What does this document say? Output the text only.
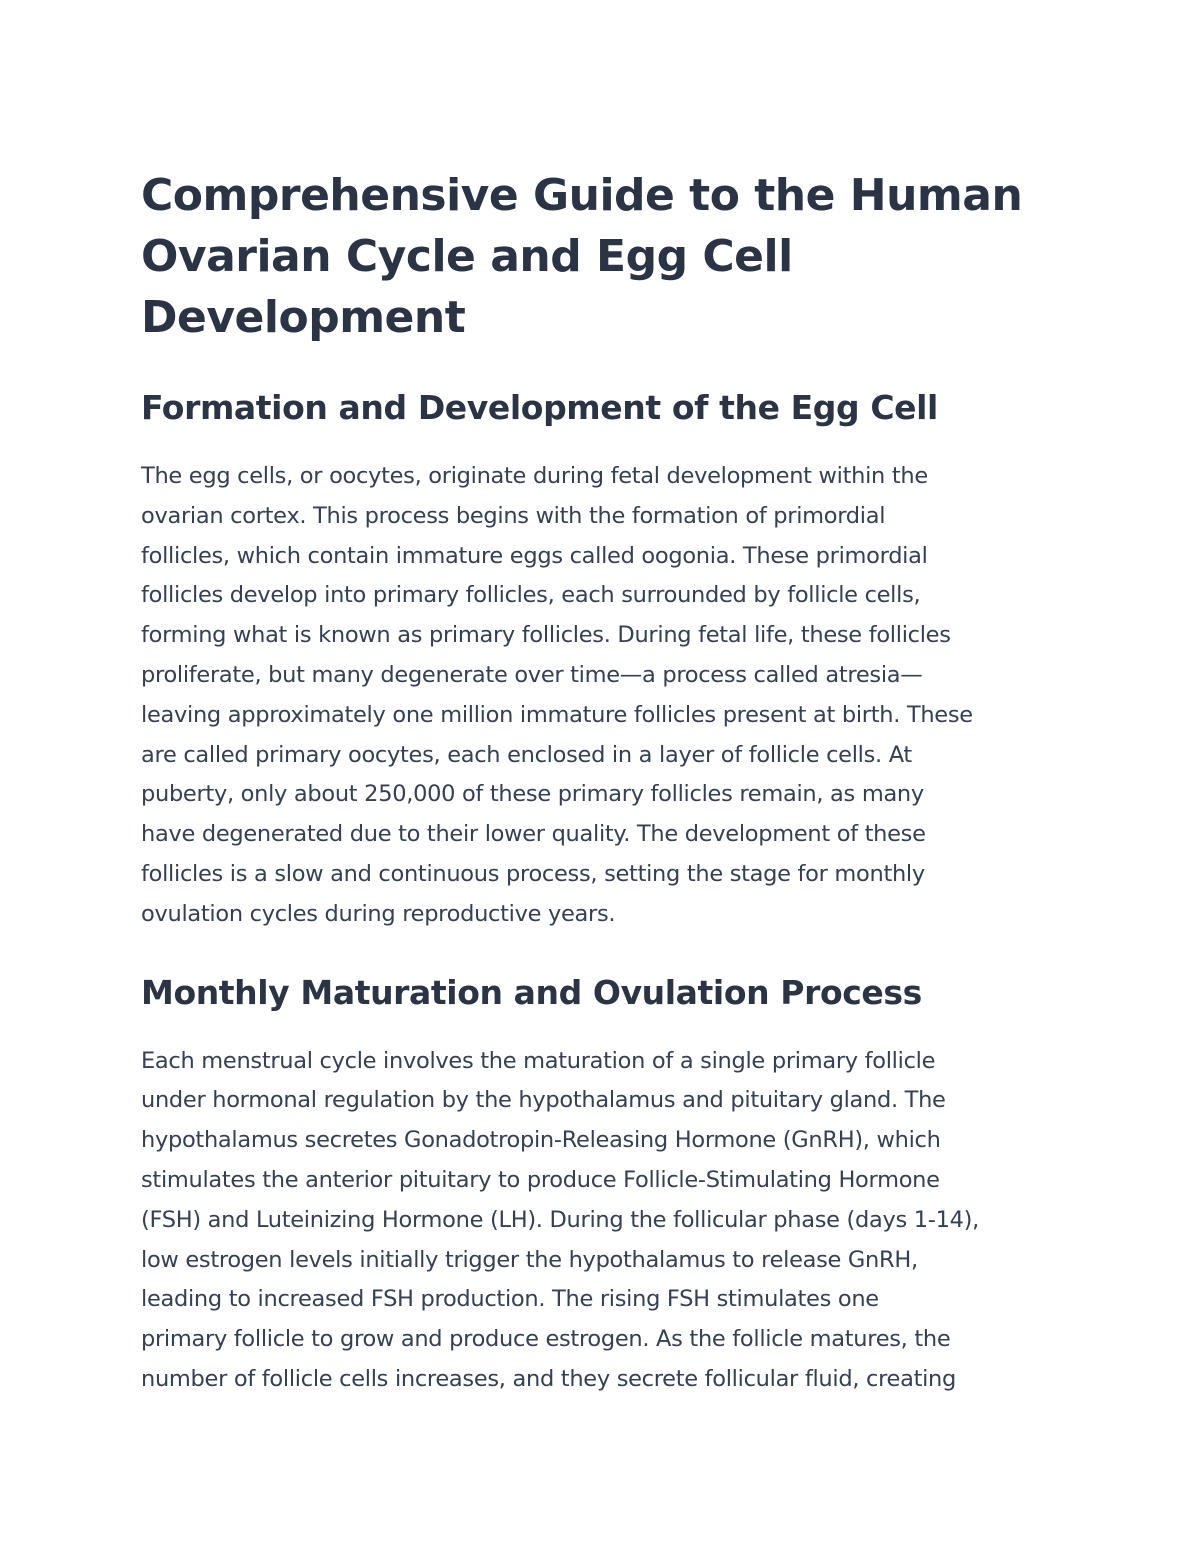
Comprehensive Guide to the Human
Ovarian Cycle and Egg Cell
Development
Formation and Development of the Egg Cell

The egg cells, or oocytes, originate during fetal development within the
ovarian cortex. This process begins with the formation of primordial
follicles, which contain immature eggs called oogonia. These primordial
follicles develop into primary follicles, each surrounded by follicle cells,
forming what is known as primary follicles. During fetal life, these follicles
proliferate, but many degenerate over time—a process called atresia—
leaving approximately one million immature follicles present at birth. These
are called primary oocytes, each enclosed in a layer of follicle cells. At
puberty, only about 250,000 of these primary follicles remain, as many
have degenerated due to their lower quality. The development of these
follicles is a slow and continuous process, setting the stage for monthly
ovulation cycles during reproductive years.

Monthly Maturation and Ovulation Process

Each menstrual cycle involves the maturation of a single primary follicle
under hormonal regulation by the hypothalamus and pituitary gland. The
hypothalamus secretes Gonadotropin-Releasing Hormone (GnRH), which
stimulates the anterior pituitary to produce Follicle-Stimulating Hormone
(FSH) and Luteinizing Hormone (LH). During the follicular phase (days 1-14),
low estrogen levels initially trigger the hypothalamus to release GnRH,
leading to increased FSH production. The rising FSH stimulates one
primary follicle to grow and produce estrogen. As the follicle matures, the
number of follicle cells increases, and they secrete follicular fluid, creating
